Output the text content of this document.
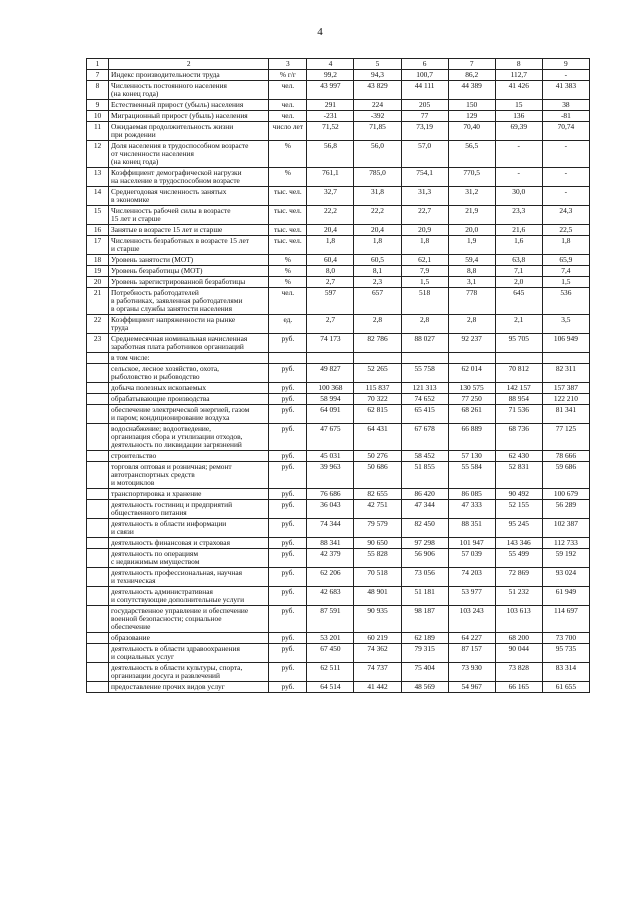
4
1	2	3	4	5	6	7	8	9
7	Индекс производительности труда	% г/г	99,2	94,3	100,7	86,2	112,7	-
8	Численность постоянного населения
(на конец года)	чел.	43 997	43 829	44 111	44 389	41 426	41 383
9	Естественный прирост (убыль) населения	чел.	291	224	205	150	15	38
10	Миграционный прирост (убыль) населения	чел.	-231	-392	77	129	136	-81
11	Ожидаемая продолжительность жизни
при рождении	число лет	71,52	71,85	73,19	70,40	69,39	70,74
12	Доля населения в трудоспособном возрасте
от численности населения
(на конец года)	%	56,8	56,0	57,0	56,5	-	-
13	Коэффициент демографической нагрузки
на население в трудоспособном возрасте	%	761,1	785,0	754,1	770,5	-	-
14	Среднегодовая численность занятых
в экономике	тыс. чел.	32,7	31,8	31,3	31,2	30,0	-
15	Численность рабочей силы в возрасте
15 лет и старше	тыс. чел.	22,2	22,2	22,7	21,9	23,3	24,3
16	Занятые в возрасте 15 лет и старше	тыс. чел.	20,4	20,4	20,9	20,0	21,6	22,5
17	Численность безработных в возрасте 15 лет
и старше	тыс. чел.	1,8	1,8	1,8	1,9	1,6	1,8
18	Уровень занятости (МОТ)	%	60,4	60,5	62,1	59,4	63,8	65,9
19	Уровень безработицы (МОТ)	%	8,0	8,1	7,9	8,8	7,1	7,4
20	Уровень зарегистрированной безработицы	%	2,7	2,3	1,5	3,1	2,0	1,5
21	Потребность работодателей
в работниках, заявленная работодателями
в органы службы занятости населения	чел.	597	657	518	778	645	536
22	Коэффициент напряженности на рынке
труда	ед.	2,7	2,8	2,8	2,8	2,1	3,5
23	Среднемесячная номинальная начисленная
заработная плата работников организаций	руб.	74 173	82 786	88 027	92 237	95 705	106 949
	в том числе:							
	сельское, лесное хозяйство, охота,
рыболовство и рыбоводство	руб.	49 827	52 265	55 758	62 014	70 812	82 311
	добыча полезных ископаемых	руб.	100 368	115 837	121 313	130 575	142 157	157 387
	обрабатывающие производства	руб.	58 994	70 322	74 652	77 250	88 954	122 210
	обеспечение электрической энергией, газом
и паром; кондиционирование воздуха	руб.	64 091	62 815	65 415	68 261	71 536	81 341
	водоснабжение; водоотведение,
организация сбора и утилизации отходов,
деятельность по ликвидации загрязнений	руб.	47 675	64 431	67 678	66 889	68 736	77 125
	строительство	руб.	45 031	50 276	58 452	57 130	62 430	78 666
	торговля оптовая и розничная; ремонт
автотранспортных средств
и мотоциклов	руб.	39 963	50 686	51 855	55 584	52 831	59 686
	транспортировка и хранение	руб.	76 686	82 655	86 420	86 085	90 492	100 679
	деятельность гостиниц и предприятий
общественного питания	руб.	36 043	42 751	47 344	47 333	52 155	56 289
	деятельность в области информации
и связи	руб.	74 344	79 579	82 450	88 351	95 245	102 387
	деятельность финансовая и страховая	руб.	88 341	90 650	97 298	101 947	143 346	112 733
	деятельность по операциям
с недвижимым имуществом	руб.	42 379	55 828	56 906	57 039	55 499	59 192
	деятельность профессиональная, научная
и техническая	руб.	62 206	70 518	73 056	74 203	72 869	93 024
	деятельность административная
и сопутствующие дополнительные услуги	руб.	42 683	48 901	51 181	53 977	51 232	61 949
	государственное управление и обеспечение
военной безопасности; социальное
обеспечение	руб.	87 591	90 935	98 187	103 243	103 613	114 697
	образование	руб.	53 201	60 219	62 189	64 227	68 200	73 700
	деятельность в области здравоохранения
и социальных услуг	руб.	67 450	74 362	79 315	87 157	90 044	95 735
	деятельность в области культуры, спорта,
организации досуга и развлечений	руб.	62 511	74 737	75 404	73 930	73 828	83 314
	предоставление прочих видов услуг	руб.	64 514	41 442	48 569	54 967	66 165	61 655
